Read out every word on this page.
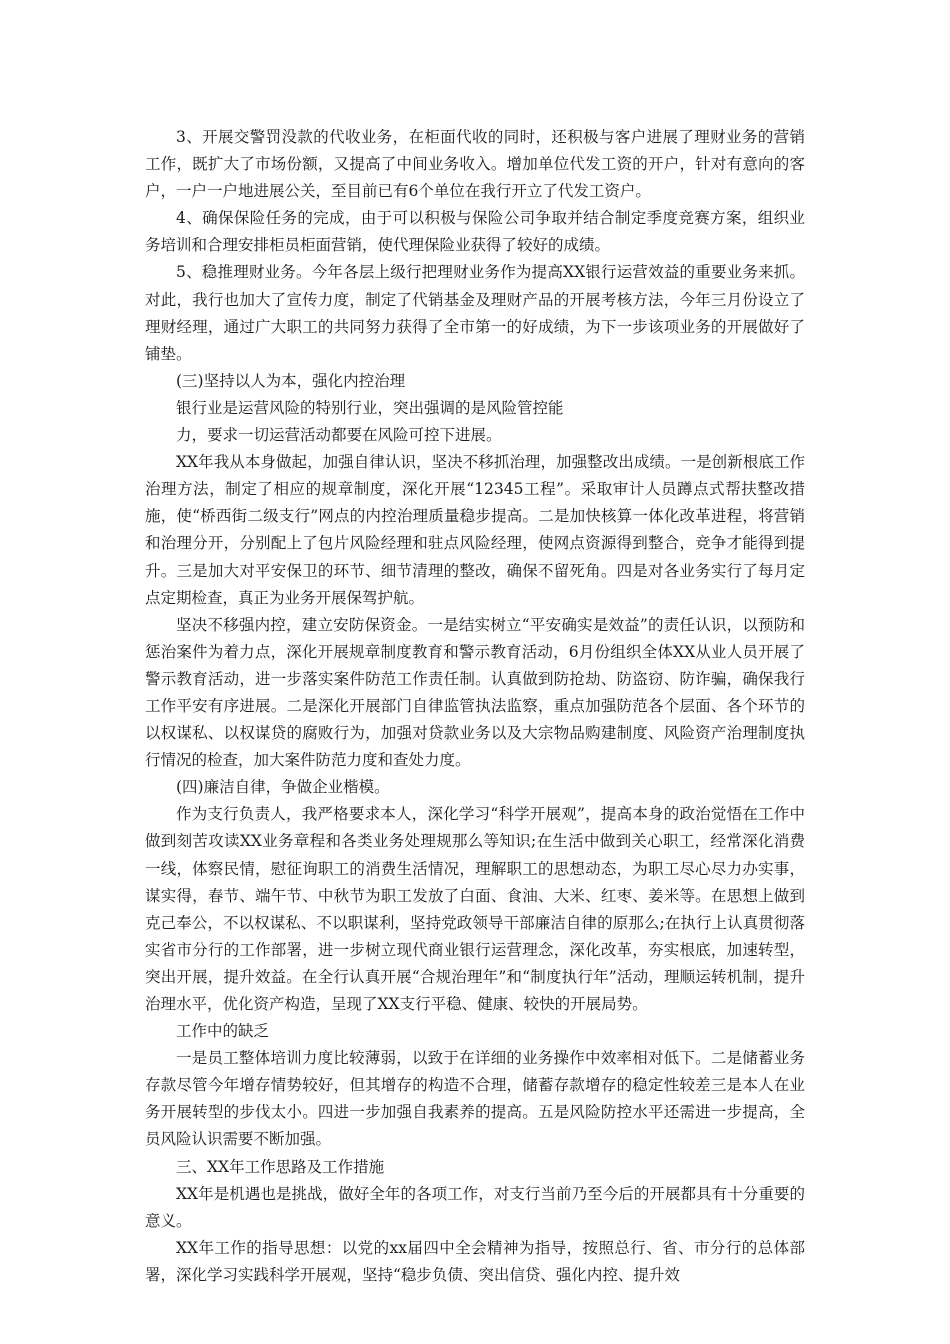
3、开展交警罚没款的代收业务，在柜面代收的同时，还积极与客户进展了理财业务的营销工作，既扩大了市场份额，又提高了中间业务收入。增加单位代发工资的开户，针对有意向的客户，一户一户地进展公关，至目前已有6个单位在我行开立了代发工资户。

4、确保保险任务的完成，由于可以积极与保险公司争取并结合制定季度竞赛方案，组织业务培训和合理安排柜员柜面营销，使代理保险业获得了较好的成绩。

5、稳推理财业务。今年各层上级行把理财业务作为提高XX银行运营效益的重要业务来抓。对此，我行也加大了宣传力度，制定了代销基金及理财产品的开展考核方法，今年三月份设立了理财经理，通过广大职工的共同努力获得了全市第一的好成绩，为下一步该项业务的开展做好了铺垫。

(三)坚持以人为本，强化内控治理

银行业是运营风险的特别行业，突出强调的是风险管控能

力，要求一切运营活动都要在风险可控下进展。

XX年我从本身做起，加强自律认识，坚决不移抓治理，加强整改出成绩。一是创新根底工作治理方法，制定了相应的规章制度，深化开展“12345工程”。采取审计人员蹲点式帮扶整改措施，使“桥西街二级支行”网点的内控治理质量稳步提高。二是加快核算一体化改革进程，将营销和治理分开，分别配上了包片风险经理和驻点风险经理，使网点资源得到整合，竞争才能得到提升。三是加大对平安保卫的环节、细节清理的整改，确保不留死角。四是对各业务实行了每月定点定期检查，真正为业务开展保驾护航。

坚决不移强内控，建立安防保资金。一是结实树立“平安确实是效益”的责任认识，以预防和惩治案件为着力点，深化开展规章制度教育和警示教育活动，6月份组织全体XX从业人员开展了警示教育活动，进一步落实案件防范工作责任制。认真做到防抢劫、防盗窃、防诈骗，确保我行工作平安有序进展。二是深化开展部门自律监管执法监察，重点加强防范各个层面、各个环节的以权谋私、以权谋贷的腐败行为，加强对贷款业务以及大宗物品购建制度、风险资产治理制度执行情况的检查，加大案件防范力度和查处力度。

(四)廉洁自律，争做企业楷模。

作为支行负责人，我严格要求本人，深化学习“科学开展观”，提高本身的政治觉悟在工作中做到刻苦攻读XX业务章程和各类业务处理规那么等知识;在生活中做到关心职工，经常深化消费一线，体察民情，慰征询职工的消费生活情况，理解职工的思想动态，为职工尽心尽力办实事，谋实得，春节、端午节、中秋节为职工发放了白面、食油、大米、红枣、姜米等。在思想上做到克己奉公，不以权谋私、不以职谋利，坚持党政领导干部廉洁自律的原那么;在执行上认真贯彻落实省市分行的工作部署，进一步树立现代商业银行运营理念，深化改革，夯实根底，加速转型，突出开展，提升效益。在全行认真开展“合规治理年”和“制度执行年”活动，理顺运转机制，提升治理水平，优化资产构造，呈现了XX支行平稳、健康、较快的开展局势。

工作中的缺乏

一是员工整体培训力度比较薄弱，以致于在详细的业务操作中效率相对低下。二是储蓄业务存款尽管今年增存情势较好，但其增存的构造不合理，储蓄存款增存的稳定性较差三是本人在业务开展转型的步伐太小。四进一步加强自我素养的提高。五是风险防控水平还需进一步提高，全员风险认识需要不断加强。

三、XX年工作思路及工作措施

XX年是机遇也是挑战，做好全年的各项工作，对支行当前乃至今后的开展都具有十分重要的意义。

XX年工作的指导思想：以党的xx届四中全会精神为指导，按照总行、省、市分行的总体部署，深化学习实践科学开展观，坚持“稳步负债、突出信贷、强化内控、提升效
